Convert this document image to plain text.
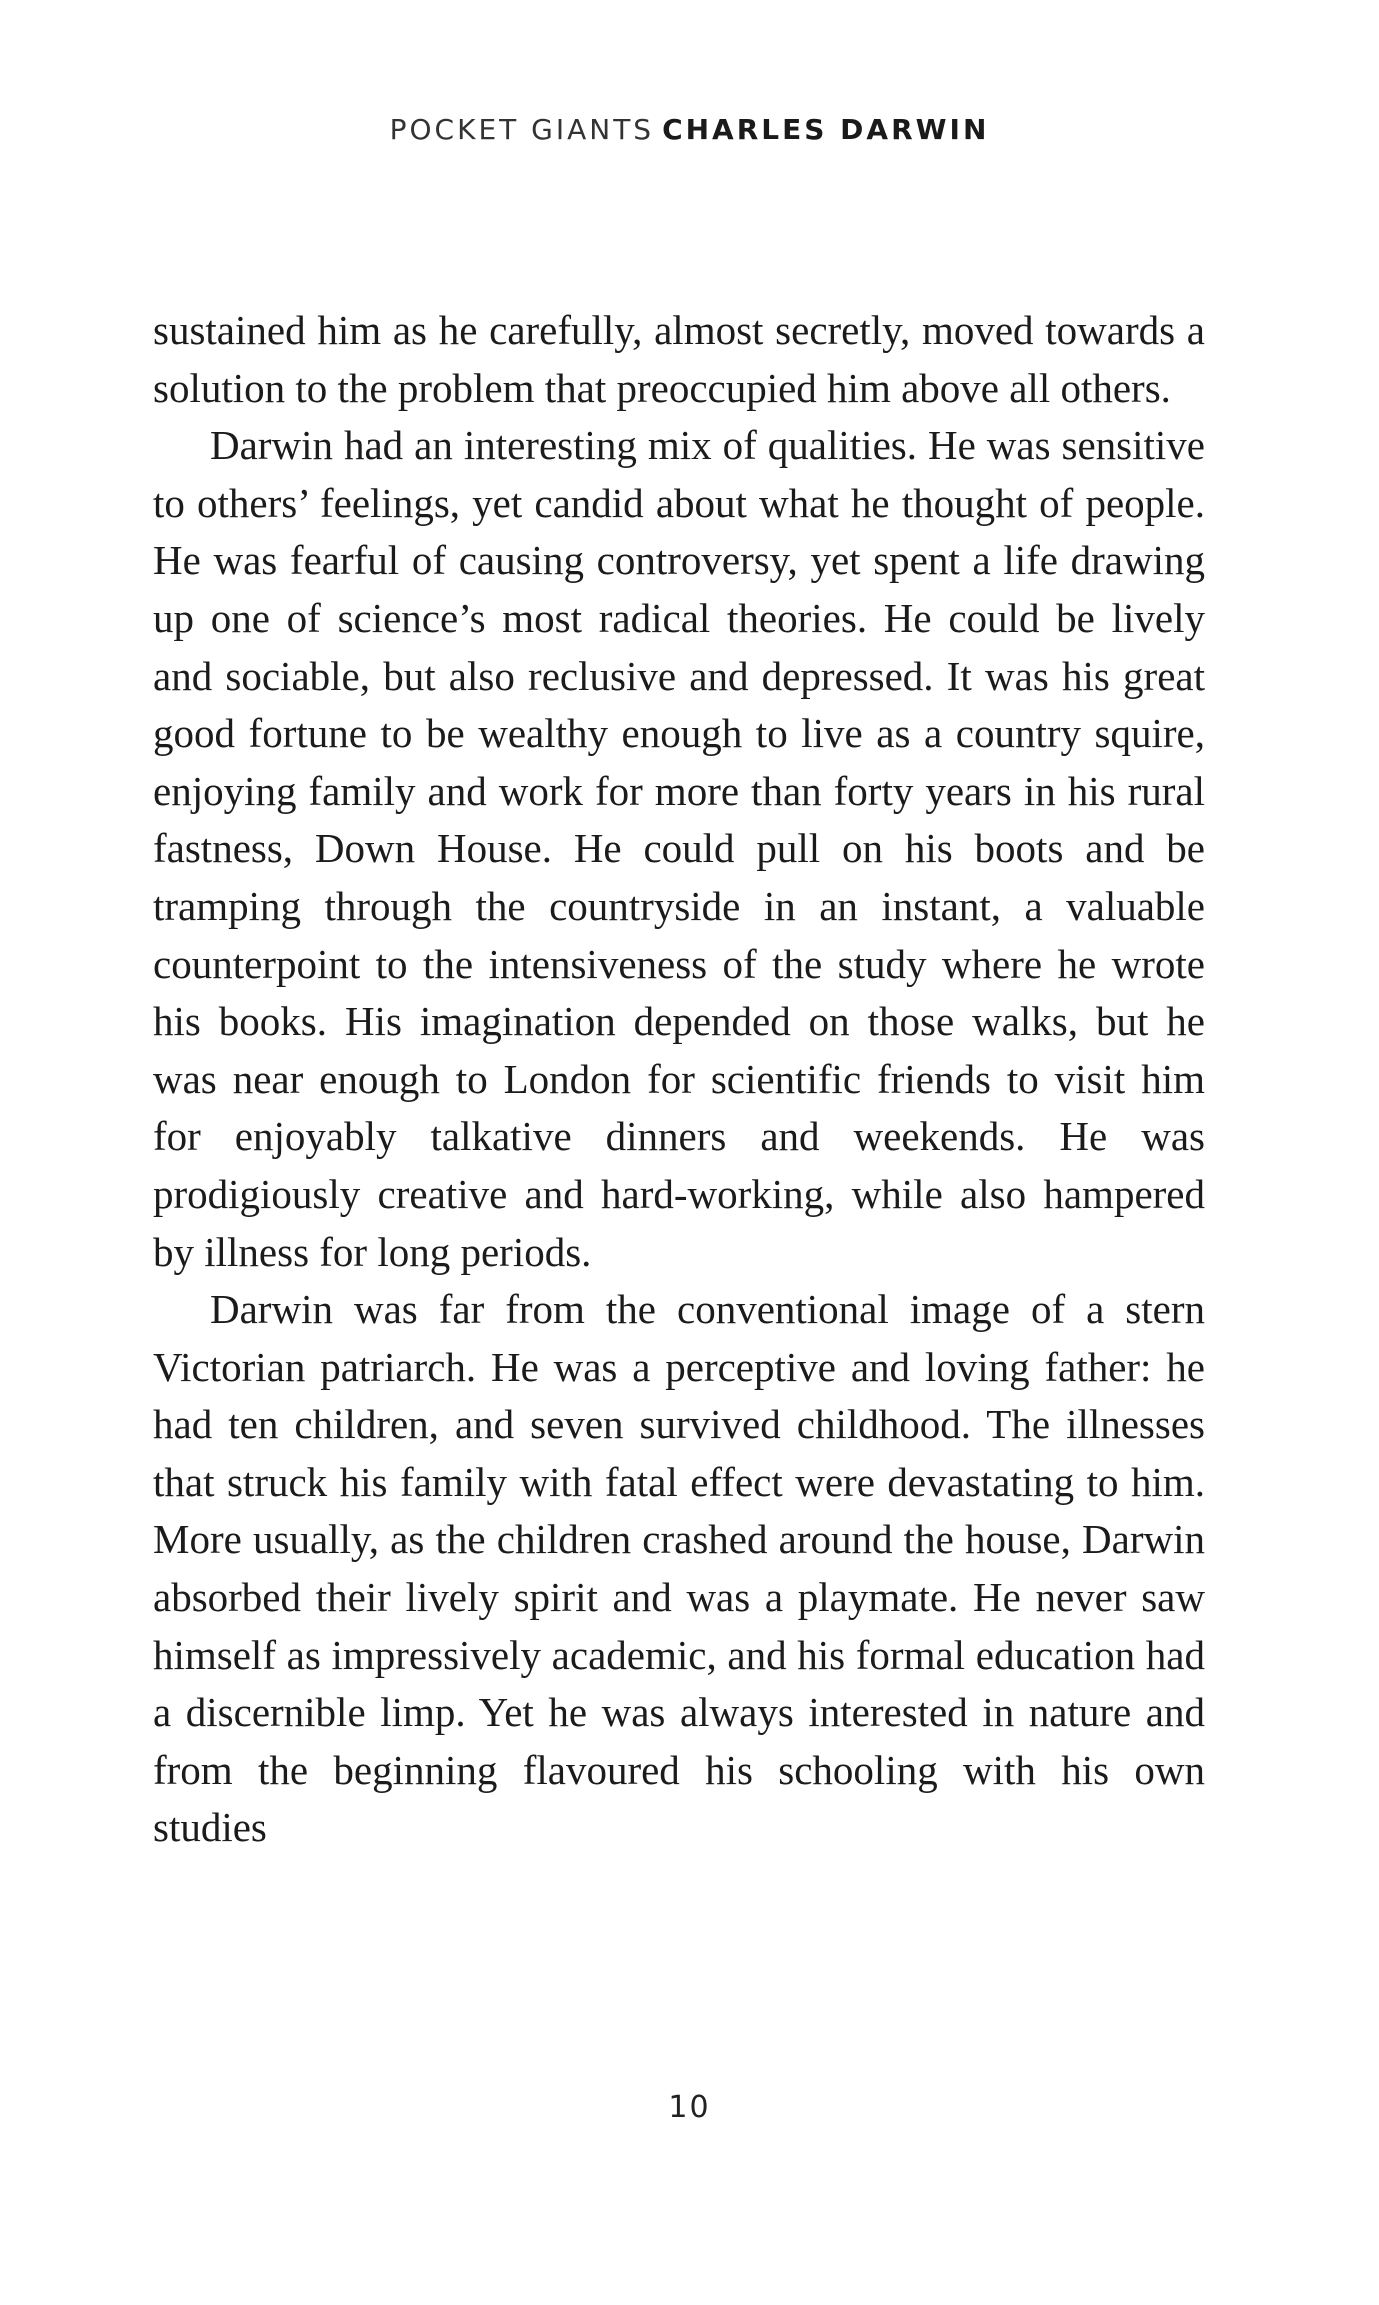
POCKET GIANTS CHARLES DARWIN

sustained him as he carefully, almost secretly, moved towards a solution to the problem that preoccupied him above all others.

Darwin had an interesting mix of qualities. He was sensitive to others’ feelings, yet candid about what he thought of people. He was fearful of causing controversy, yet spent a life drawing up one of science’s most radical theories. He could be lively and sociable, but also reclusive and depressed. It was his great good fortune to be wealthy enough to live as a country squire, enjoying family and work for more than forty years in his rural fastness, Down House. He could pull on his boots and be tramping through the countryside in an instant, a valuable counterpoint to the intensiveness of the study where he wrote his books. His imagination depended on those walks, but he was near enough to London for scientific friends to visit him for enjoyably talkative dinners and weekends. He was prodigiously creative and hard-working, while also hampered by illness for long periods.

Darwin was far from the conventional image of a stern Victorian patriarch. He was a perceptive and loving father: he had ten children, and seven survived childhood. The illnesses that struck his family with fatal effect were devastating to him. More usually, as the children crashed around the house, Darwin absorbed their lively spirit and was a playmate. He never saw himself as impressively academic, and his formal education had a discernible limp. Yet he was always interested in nature and from the beginning flavoured his schooling with his own studies

10
